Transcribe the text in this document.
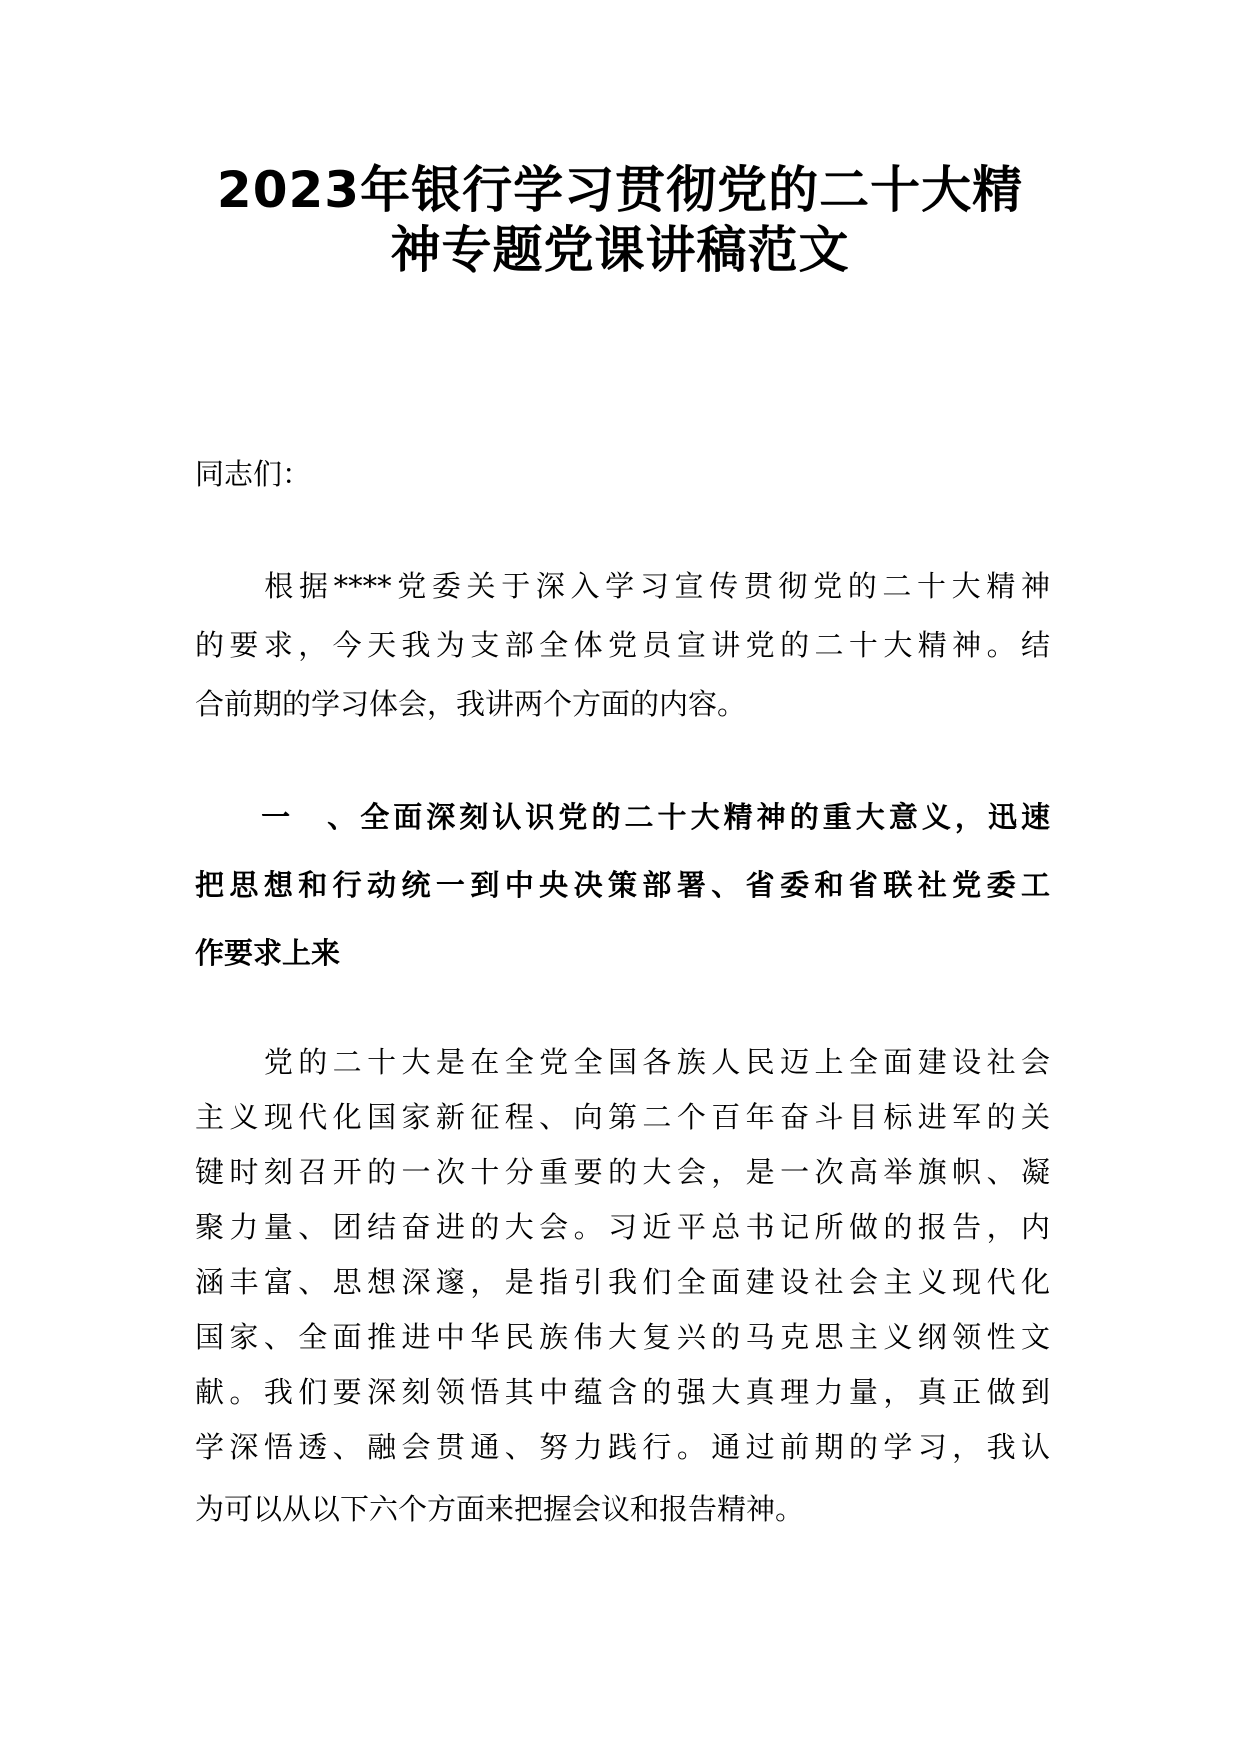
2023年银行学习贯彻党的二十大精
神专题党课讲稿范文
同志们：
　　根据****党委关于深入学习宣传贯彻党的二十大精神
的要求，今天我为支部全体党员宣讲党的二十大精神。结
合前期的学习体会，我讲两个方面的内容。
　　一　、全面深刻认识党的二十大精神的重大意义，迅速
把思想和行动统一到中央决策部署、省委和省联社党委工
作要求上来
　　党的二十大是在全党全国各族人民迈上全面建设社会
主义现代化国家新征程、向第二个百年奋斗目标进军的关
键时刻召开的一次十分重要的大会，是一次高举旗帜、凝
聚力量、团结奋进的大会。习近平总书记所做的报告，内
涵丰富、思想深邃，是指引我们全面建设社会主义现代化
国家、全面推进中华民族伟大复兴的马克思主义纲领性文
献。我们要深刻领悟其中蕴含的强大真理力量，真正做到
学深悟透、融会贯通、努力践行。通过前期的学习，我认
为可以从以下六个方面来把握会议和报告精神。
